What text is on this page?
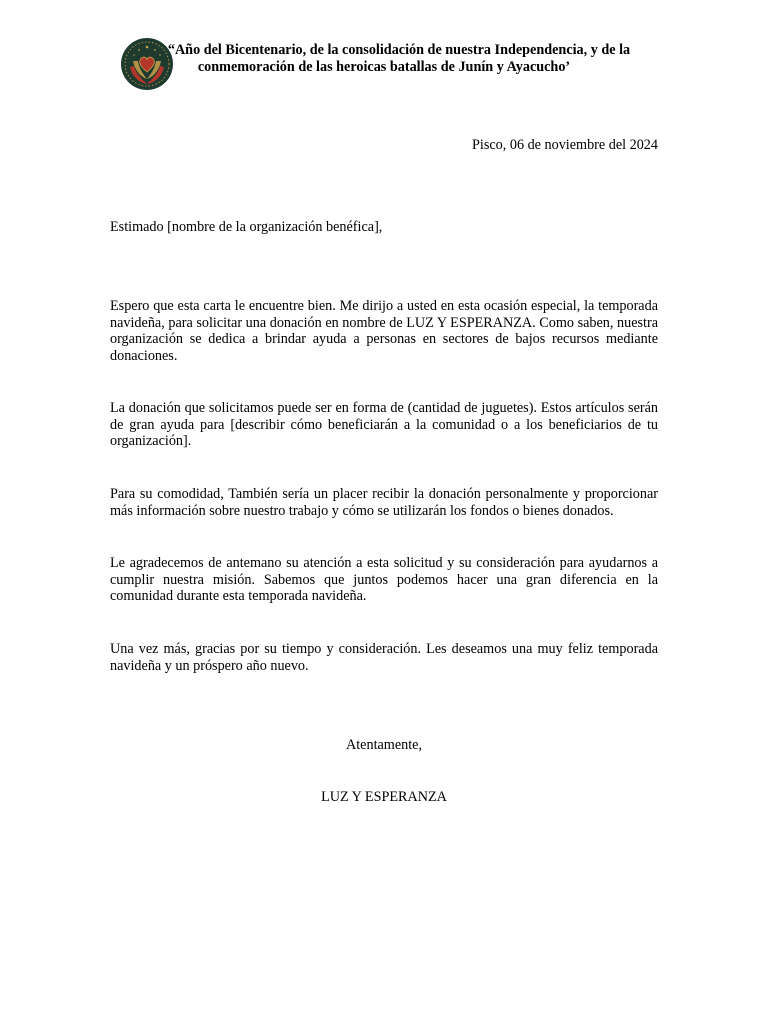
“Año del Bicentenario, de la consolidación de nuestra Independencia, y de la
conmemoración de las heroicas batallas de Junín y Ayacucho’
Pisco, 06 de noviembre del 2024
Estimado [nombre de la organización benéfica],

Espero que esta carta le encuentre bien. Me dirijo a usted en esta ocasión especial, la temporada navideña, para solicitar una donación en nombre de LUZ Y ESPERANZA. Como saben, nuestra organización se dedica a brindar ayuda a personas en sectores de bajos recursos mediante donaciones.

La donación que solicitamos puede ser en forma de (cantidad de juguetes). Estos artículos serán de gran ayuda para [describir cómo beneficiarán a la comunidad o a los beneficiarios de tu organización].

Para su comodidad, También sería un placer recibir la donación personalmente y proporcionar más información sobre nuestro trabajo y cómo se utilizarán los fondos o bienes donados.

Le agradecemos de antemano su atención a esta solicitud y su consideración para ayudarnos a cumplir nuestra misión. Sabemos que juntos podemos hacer una gran diferencia en la comunidad durante esta temporada navideña.

Una vez más, gracias por su tiempo y consideración. Les deseamos una muy feliz temporada navideña y un próspero año nuevo.

Atentamente,
LUZ Y ESPERANZA
